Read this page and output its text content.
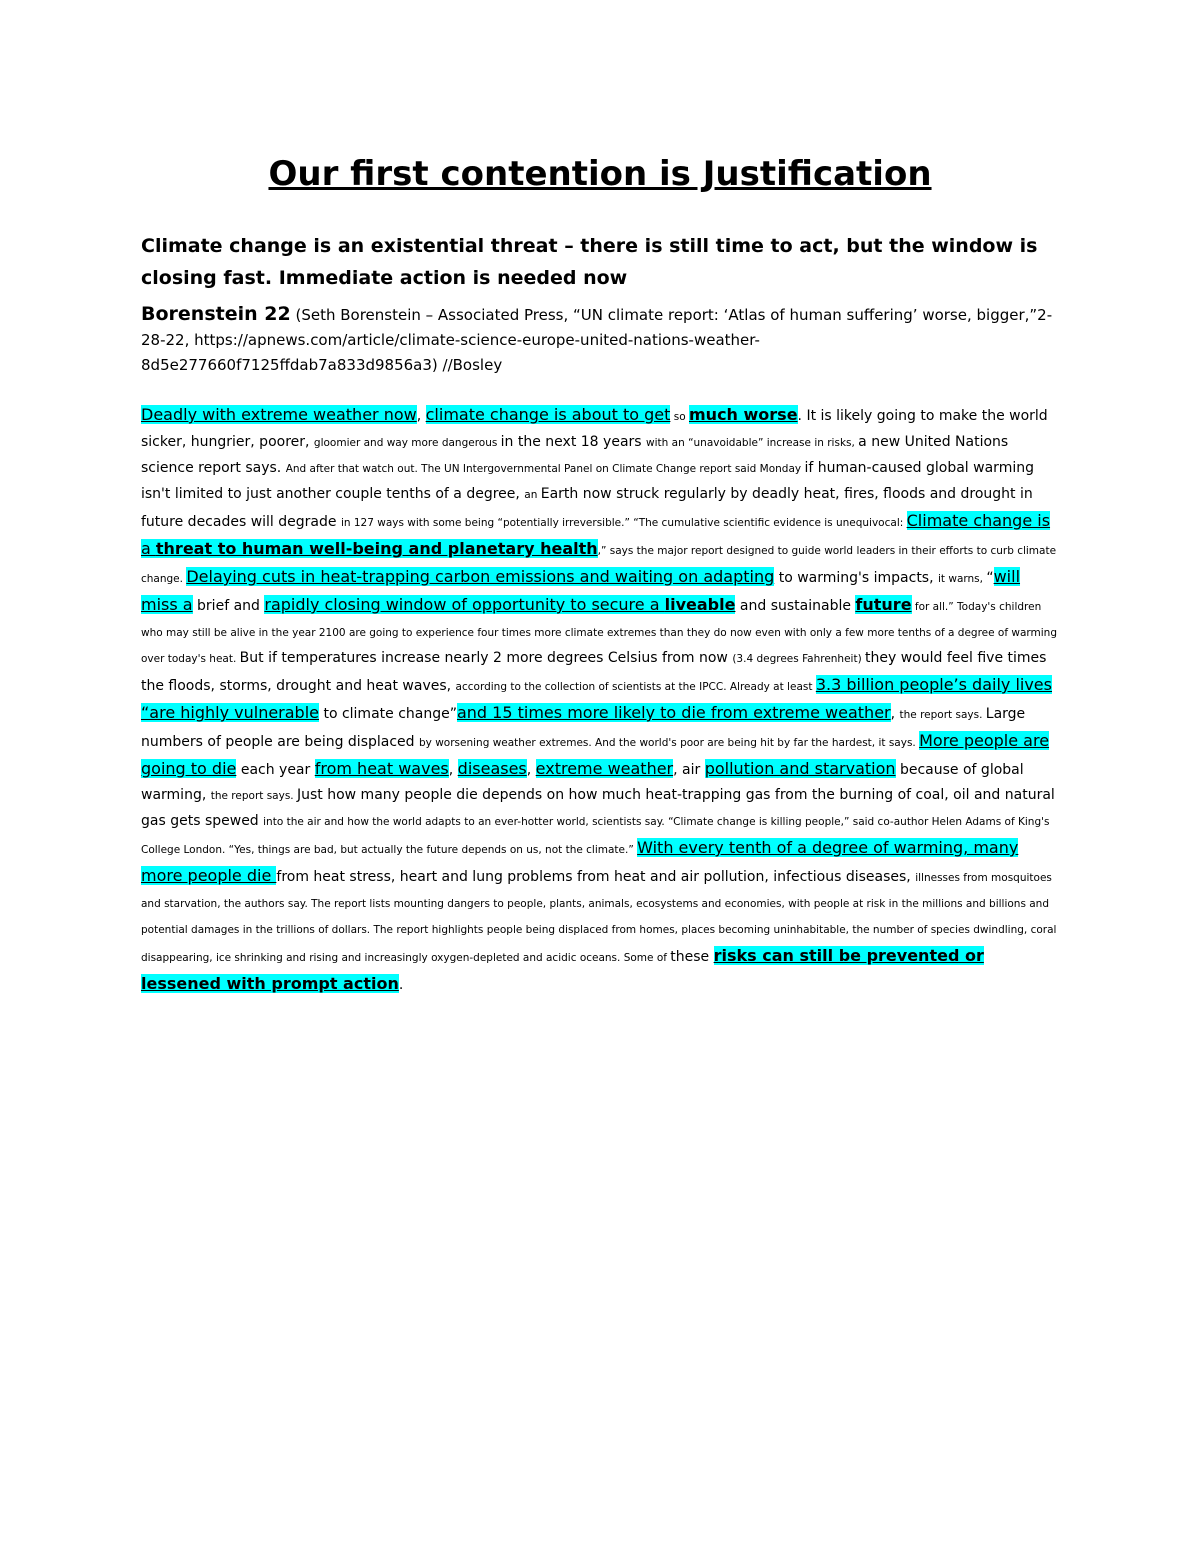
Our first contention is Justification

Climate change is an existential threat – there is still time to act, but the window is closing fast. Immediate action is needed now

Borenstein 22 (Seth Borenstein – Associated Press, “UN climate report: ‘Atlas of human suffering’ worse, bigger,”2-28-22, https://apnews.com/article/climate-science-europe-united-nations-weather-8d5e277660f7125ffdab7a833d9856a3) //Bosley

Deadly with extreme weather now, climate change is about to get so much worse. It is likely going to make the world sicker, hungrier, poorer, gloomier and way more dangerous in the next 18 years with an “unavoidable” increase in risks, a new United Nations science report says. And after that watch out. The UN Intergovernmental Panel on Climate Change report said Monday if human-caused global warming isn't limited to just another couple tenths of a degree, an Earth now struck regularly by deadly heat, fires, floods and drought in future decades will degrade in 127 ways with some being “potentially irreversible.” “The cumulative scientific evidence is unequivocal: Climate change is a threat to human well-being and planetary health,” says the major report designed to guide world leaders in their efforts to curb climate change. Delaying cuts in heat-trapping carbon emissions and waiting on adapting to warming's impacts, it warns, “will miss a brief and rapidly closing window of opportunity to secure a liveable and sustainable future for all.” Today's children who may still be alive in the year 2100 are going to experience four times more climate extremes than they do now even with only a few more tenths of a degree of warming over today's heat. But if temperatures increase nearly 2 more degrees Celsius from now (3.4 degrees Fahrenheit) they would feel five times the floods, storms, drought and heat waves, according to the collection of scientists at the IPCC. Already at least 3.3 billion people’s daily lives “are highly vulnerable to climate change”and 15 times more likely to die from extreme weather, the report says. Large numbers of people are being displaced by worsening weather extremes. And the world's poor are being hit by far the hardest, it says. More people are going to die each year from heat waves, diseases, extreme weather, air pollution and starvation because of global warming, the report says. Just how many people die depends on how much heat-trapping gas from the burning of coal, oil and natural gas gets spewed into the air and how the world adapts to an ever-hotter world, scientists say. “Climate change is killing people,” said co-author Helen Adams of King's College London. “Yes, things are bad, but actually the future depends on us, not the climate.” With every tenth of a degree of warming, many more people die from heat stress, heart and lung problems from heat and air pollution, infectious diseases, illnesses from mosquitoes and starvation, the authors say. The report lists mounting dangers to people, plants, animals, ecosystems and economies, with people at risk in the millions and billions and potential damages in the trillions of dollars. The report highlights people being displaced from homes, places becoming uninhabitable, the number of species dwindling, coral disappearing, ice shrinking and rising and increasingly oxygen-depleted and acidic oceans. Some of these risks can still be prevented or lessened with prompt action.
